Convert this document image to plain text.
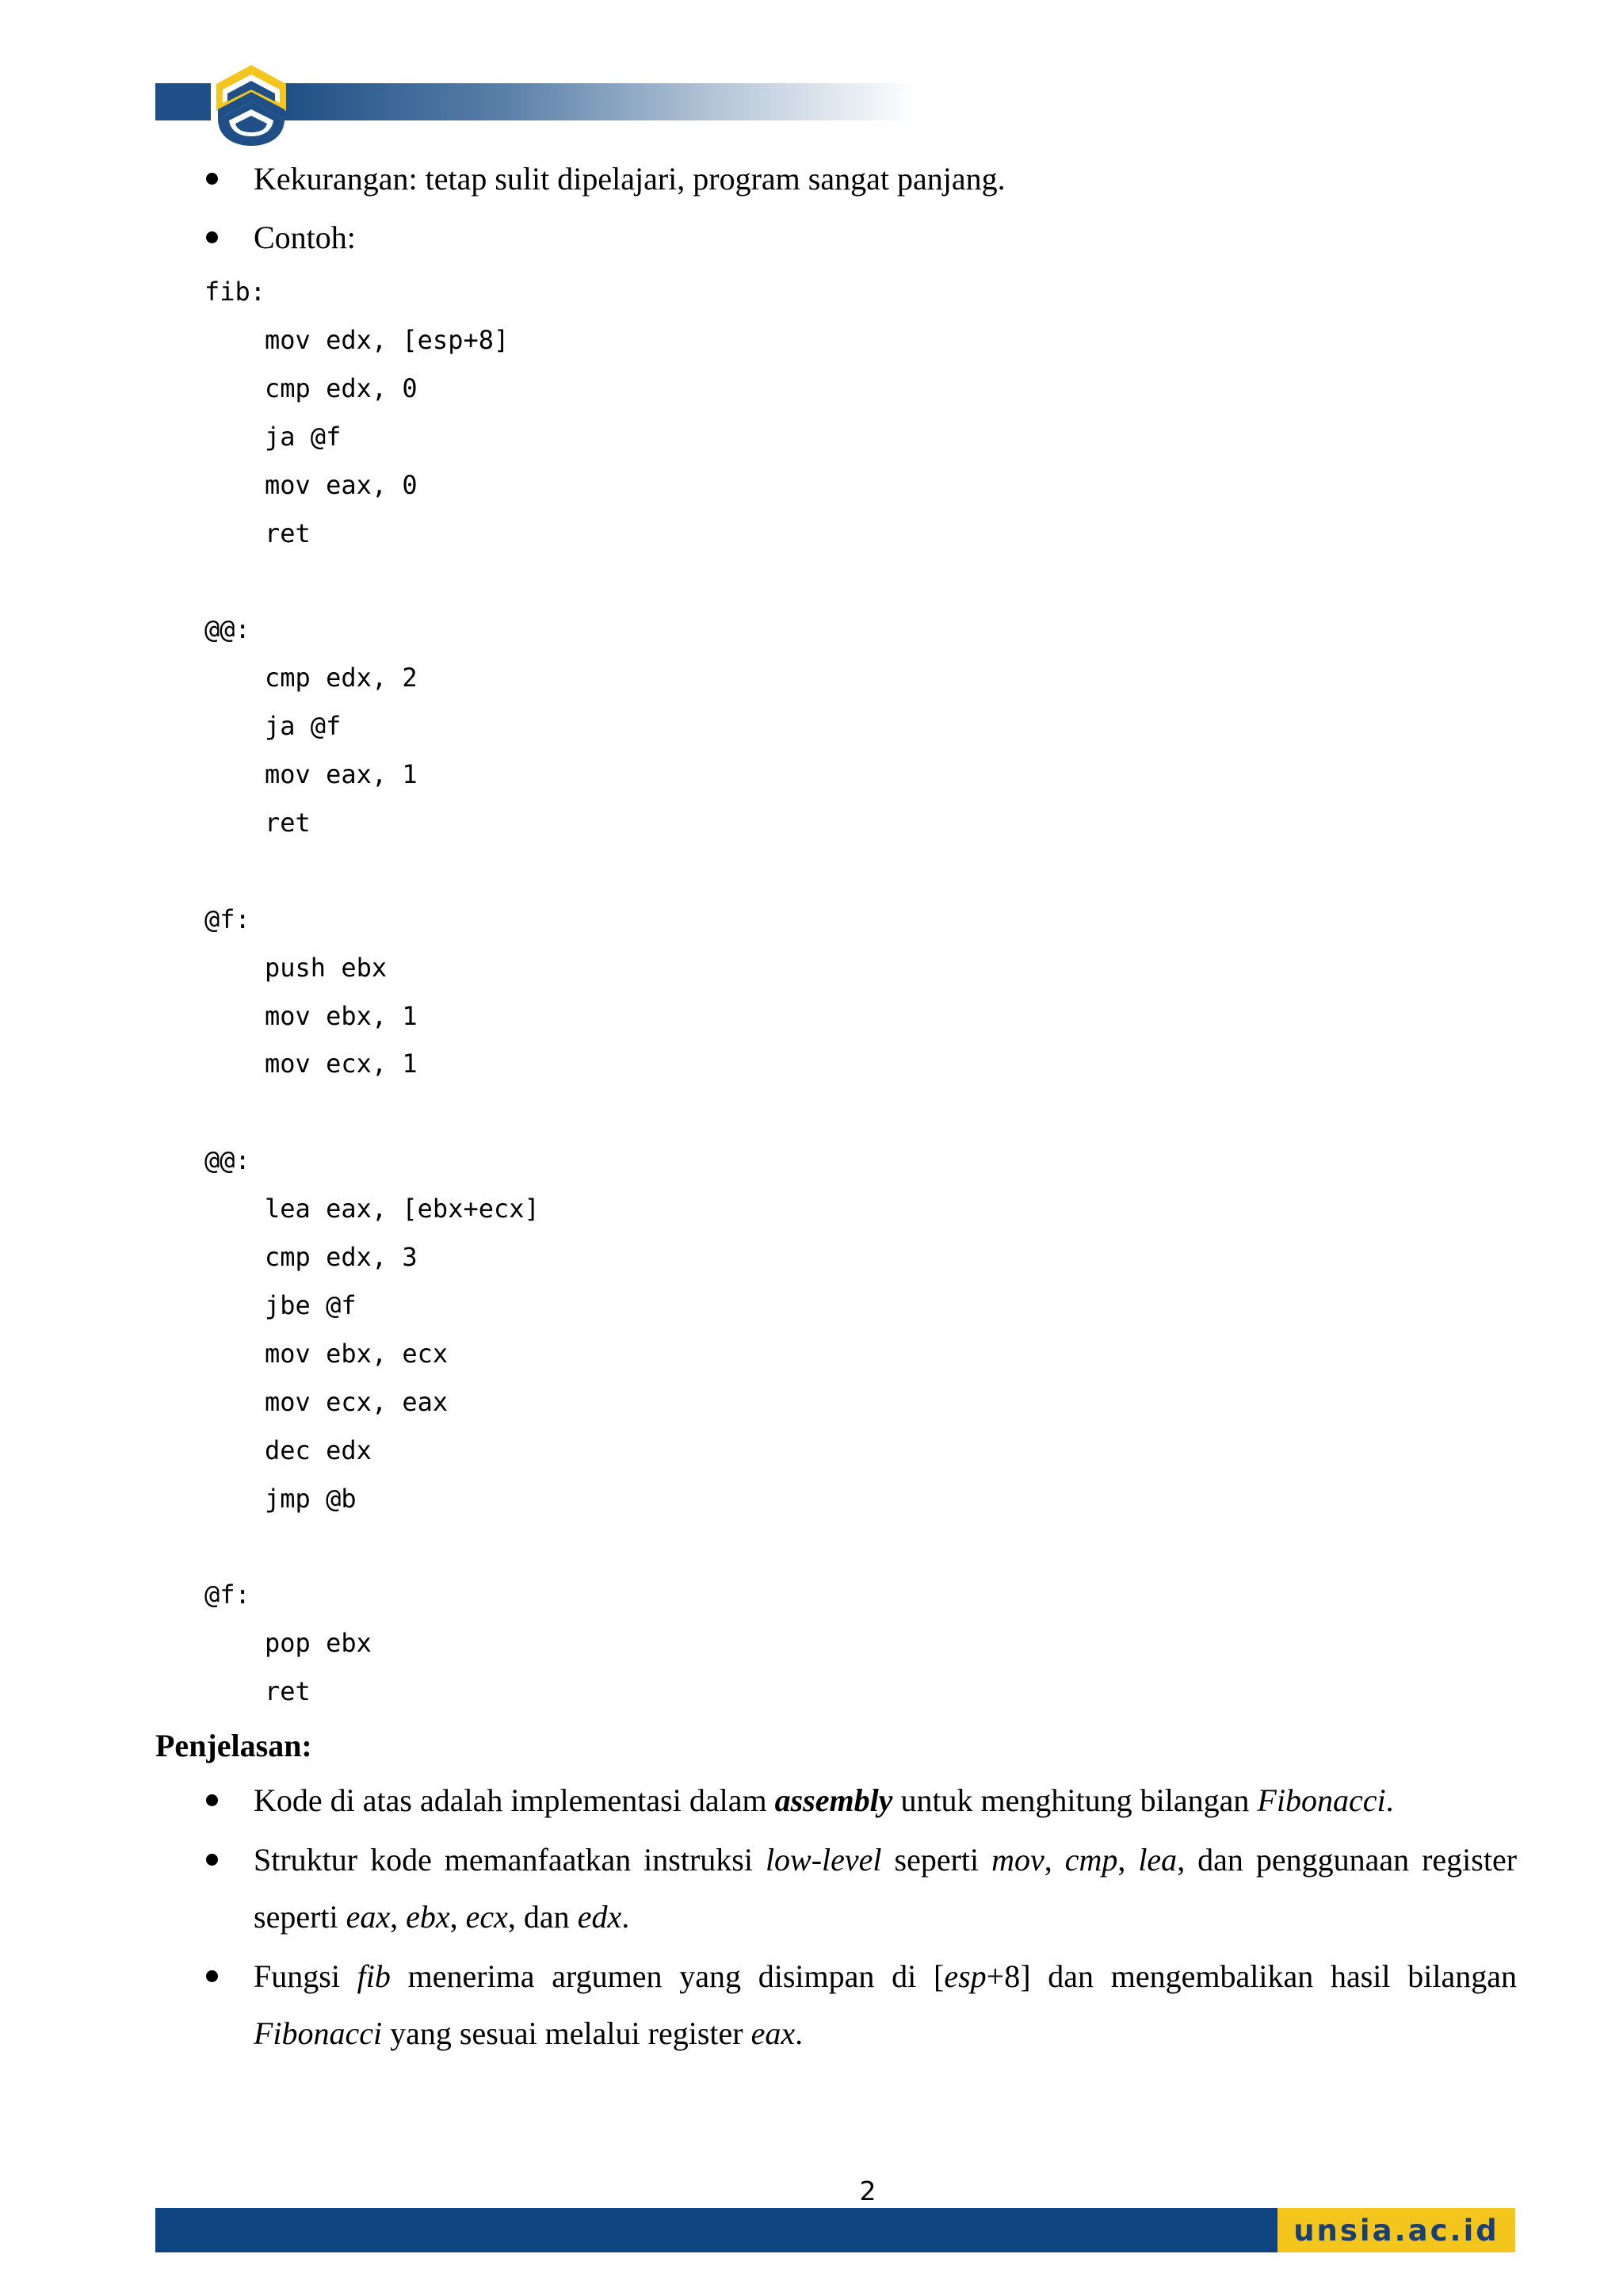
Kekurangan: tetap sulit dipelajari, program sangat panjang.

Contoh:

fib:
mov edx, [esp+8]
cmp edx, 0
ja @f
mov eax, 0
ret
@@:
cmp edx, 2
ja @f
mov eax, 1
ret
@f:
push ebx
mov ebx, 1
mov ecx, 1
@@:
lea eax, [ebx+ecx]
cmp edx, 3
jbe @f
mov ebx, ecx
mov ecx, eax
dec edx
jmp @b
@f:
pop ebx
ret
Penjelasan:

Kode di atas adalah implementasi dalam assembly untuk menghitung bilangan Fibonacci.

Struktur kode memanfaatkan instruksi low-level seperti mov, cmp, lea, dan penggunaan register seperti eax, ebx, ecx, dan edx.

Fungsi fib menerima argumen yang disimpan di [esp+8] dan mengembalikan hasil bilangan Fibonacci yang sesuai melalui register eax.

2
unsia.ac.id
